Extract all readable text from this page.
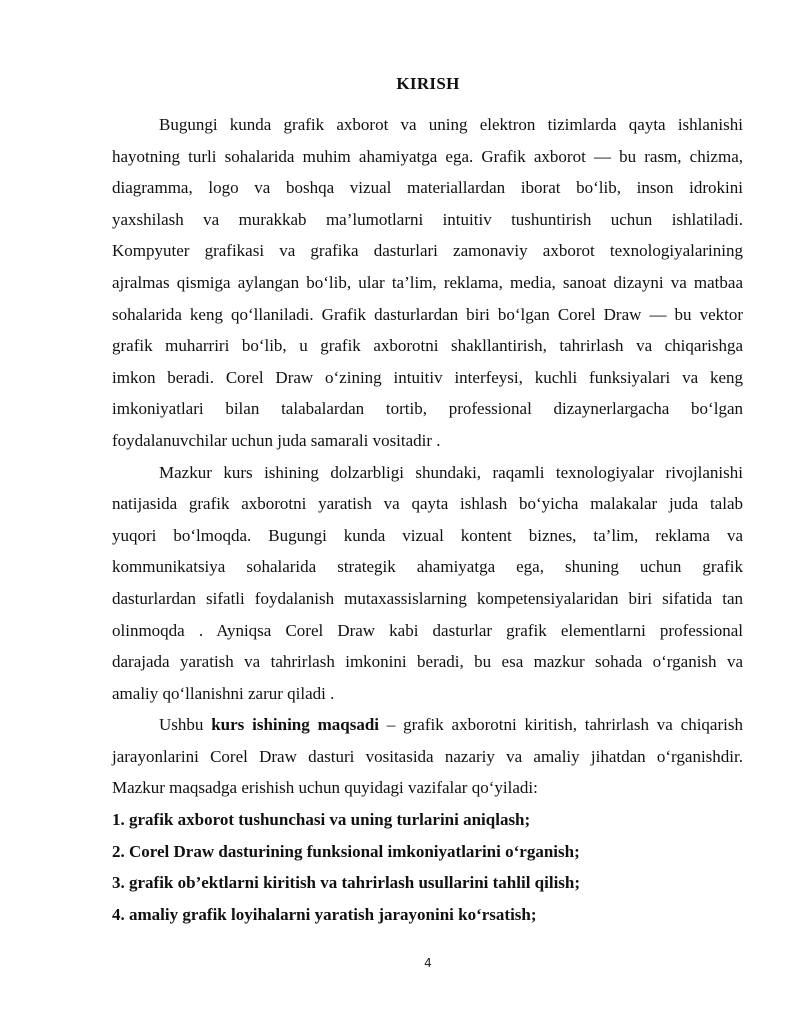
KIRISH

Bugungi kunda grafik axborot va uning elektron tizimlarda qayta ishlanishi
hayotning turli sohalarida muhim ahamiyatga ega. Grafik axborot — bu rasm, chizma,
diagramma, logo va boshqa vizual materiallardan iborat bo‘lib, inson idrokini
yaxshilash va murakkab ma’lumotlarni intuitiv tushuntirish uchun ishlatiladi.
Kompyuter grafikasi va grafika dasturlari zamonaviy axborot texnologiyalarining
ajralmas qismiga aylangan bo‘lib, ular ta’lim, reklama, media, sanoat dizayni va matbaa
sohalarida keng qo‘llaniladi. Grafik dasturlardan biri bo‘lgan Corel Draw — bu vektor
grafik muharriri bo‘lib, u grafik axborotni shakllantirish, tahrirlash va chiqarishga
imkon beradi. Corel Draw o‘zining intuitiv interfeysi, kuchli funksiyalari va keng
imkoniyatlari bilan talabalardan tortib, professional dizaynerlargacha bo‘lgan
foydalanuvchilar uchun juda samarali vositadir .

Mazkur kurs ishining dolzarbligi shundaki, raqamli texnologiyalar rivojlanishi
natijasida grafik axborotni yaratish va qayta ishlash bo‘yicha malakalar juda talab
yuqori bo‘lmoqda. Bugungi kunda vizual kontent biznes, ta’lim, reklama va
kommunikatsiya sohalarida strategik ahamiyatga ega, shuning uchun grafik
dasturlardan sifatli foydalanish mutaxassislarning kompetensiyalaridan biri sifatida tan
olinmoqda . Ayniqsa Corel Draw kabi dasturlar grafik elementlarni professional
darajada yaratish va tahrirlash imkonini beradi, bu esa mazkur sohada o‘rganish va
amaliy qo‘llanishni zarur qiladi .

Ushbu kurs ishining maqsadi – grafik axborotni kiritish, tahrirlash va chiqarish
jarayonlarini Corel Draw dasturi vositasida nazariy va amaliy jihatdan o‘rganishdir.
Mazkur maqsadga erishish uchun quyidagi vazifalar qo‘yiladi:

1. grafik axborot tushunchasi va uning turlarini aniqlash;

2. Corel Draw dasturining funksional imkoniyatlarini o‘rganish;

3. grafik ob’ektlarni kiritish va tahrirlash usullarini tahlil qilish;

4. amaliy grafik loyihalarni yaratish jarayonini ko‘rsatish;

4
